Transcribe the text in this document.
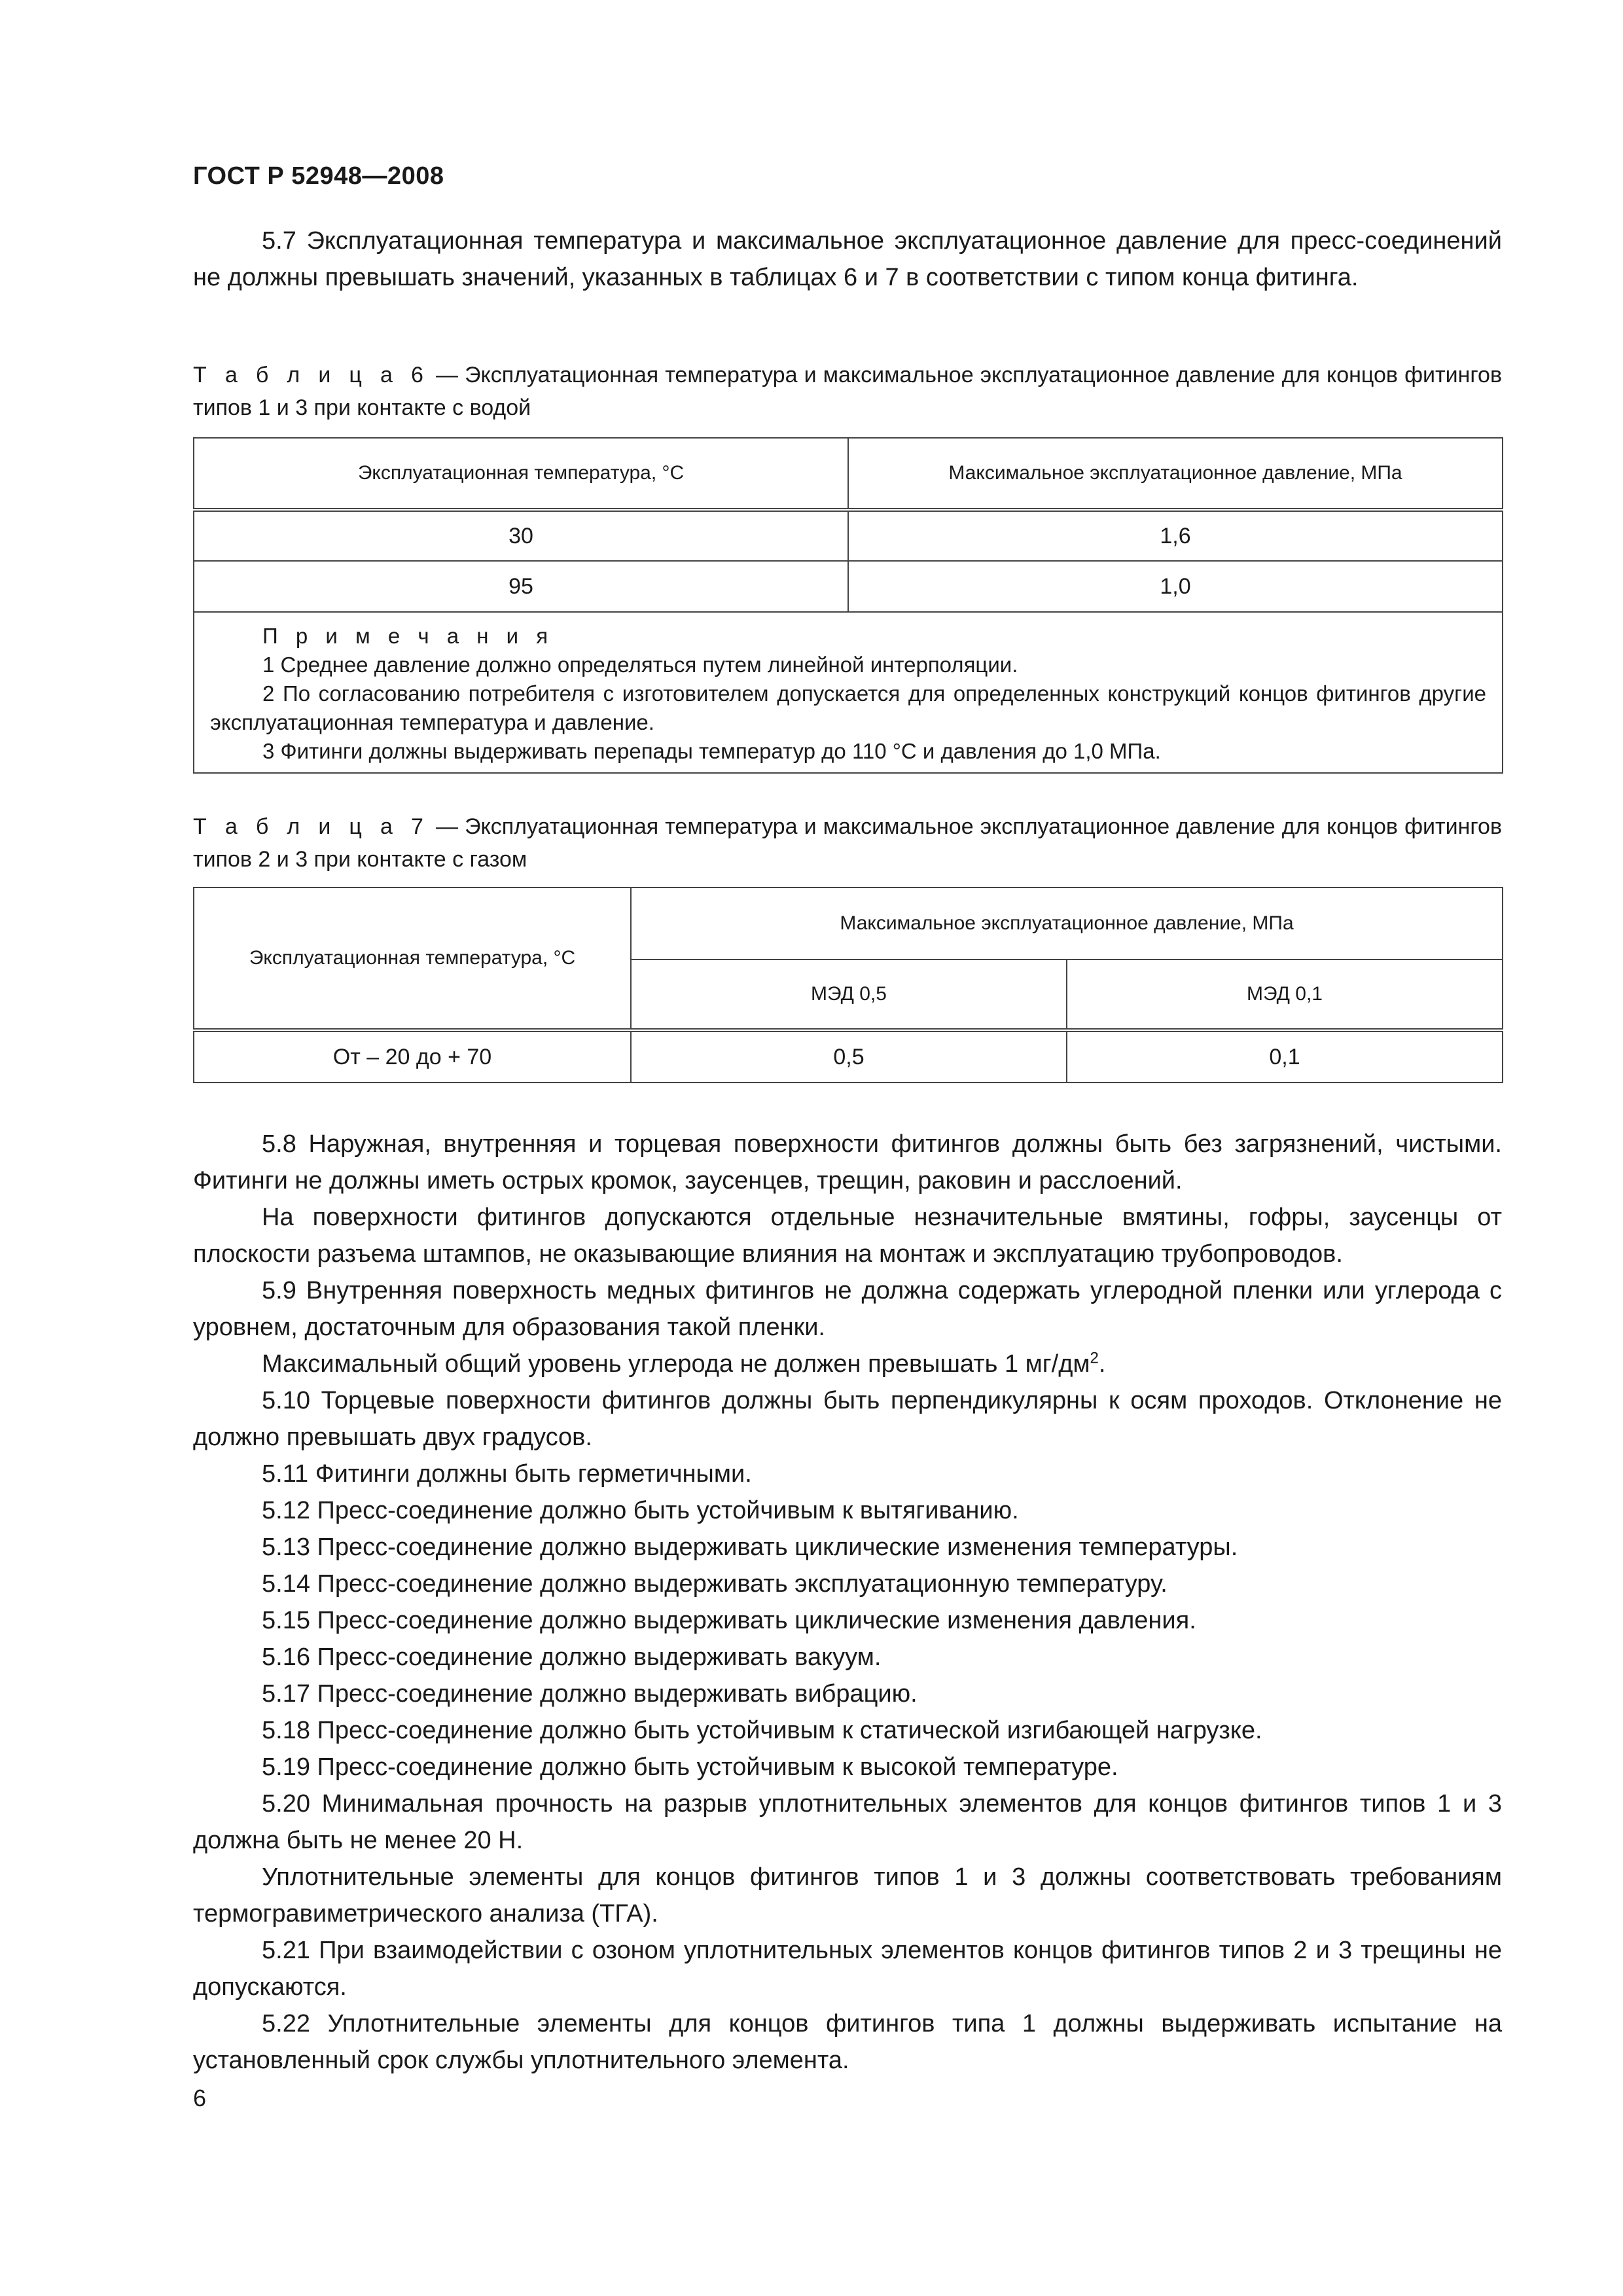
ГОСТ Р 52948—2008

5.7 Эксплуатационная температура и максимальное эксплуатационное давление для пресс-соединений не должны превышать значений, указанных в таблицах 6 и 7 в соответствии с типом конца фитинга.

Т а б л и ц а 6 — Эксплуатационная температура и максимальное эксплуатационное давление для концов фитингов типов 1 и 3 при контакте с водой

Эксплуатационная температура, °С	Максимальное эксплуатационное давление, МПа
30	1,6
95	1,0

П р и м е ч а н и я
1 Среднее давление должно определяться путем линейной интерполяции.
2 По согласованию потребителя с изготовителем допускается для определенных конструкций концов фитингов другие эксплуатационная температура и давление.
3 Фитинги должны выдерживать перепады температур до 110 °С и давления до 1,0 МПа.	

Т а б л и ц а 7 — Эксплуатационная температура и максимальное эксплуатационное давление для концов фитингов типов 2 и 3 при контакте с газом

Эксплуатационная температура, °С	Максимальное эксплуатационное давление, МПа	
	МЭД 0,5	МЭД 0,1
От – 20 до + 70	0,5	0,1

5.8 Наружная, внутренняя и торцевая поверхности фитингов должны быть без загрязнений, чистыми. Фитинги не должны иметь острых кромок, заусенцев, трещин, раковин и расслоений.

На поверхности фитингов допускаются отдельные незначительные вмятины, гофры, заусенцы от плоскости разъема штампов, не оказывающие влияния на монтаж и эксплуатацию трубопроводов.

5.9 Внутренняя поверхность медных фитингов не должна содержать углеродной пленки или углерода с уровнем, достаточным для образования такой пленки.

Максимальный общий уровень углерода не должен превышать 1 $мг/дм^2$.

5.10 Торцевые поверхности фитингов должны быть перпендикулярны к осям проходов. Отклонение не должно превышать двух градусов.

5.11 Фитинги должны быть герметичными.

5.12 Пресс-соединение должно быть устойчивым к вытягиванию.

5.13 Пресс-соединение должно выдерживать циклические изменения температуры.

5.14 Пресс-соединение должно выдерживать эксплуатационную температуру.

5.15 Пресс-соединение должно выдерживать циклические изменения давления.

5.16 Пресс-соединение должно выдерживать вакуум.

5.17 Пресс-соединение должно выдерживать вибрацию.

5.18 Пресс-соединение должно быть устойчивым к статической изгибающей нагрузке.

5.19 Пресс-соединение должно быть устойчивым к высокой температуре.

5.20 Минимальная прочность на разрыв уплотнительных элементов для концов фитингов типов 1 и 3 должна быть не менее 20 Н.

Уплотнительные элементы для концов фитингов типов 1 и 3 должны соответствовать требованиям термогравиметрического анализа (ТГА).

5.21 При взаимодействии с озоном уплотнительных элементов концов фитингов типов 2 и 3 трещины не допускаются.

5.22 Уплотнительные элементы для концов фитингов типа 1 должны выдерживать испытание на установленный срок службы уплотнительного элемента.

6
